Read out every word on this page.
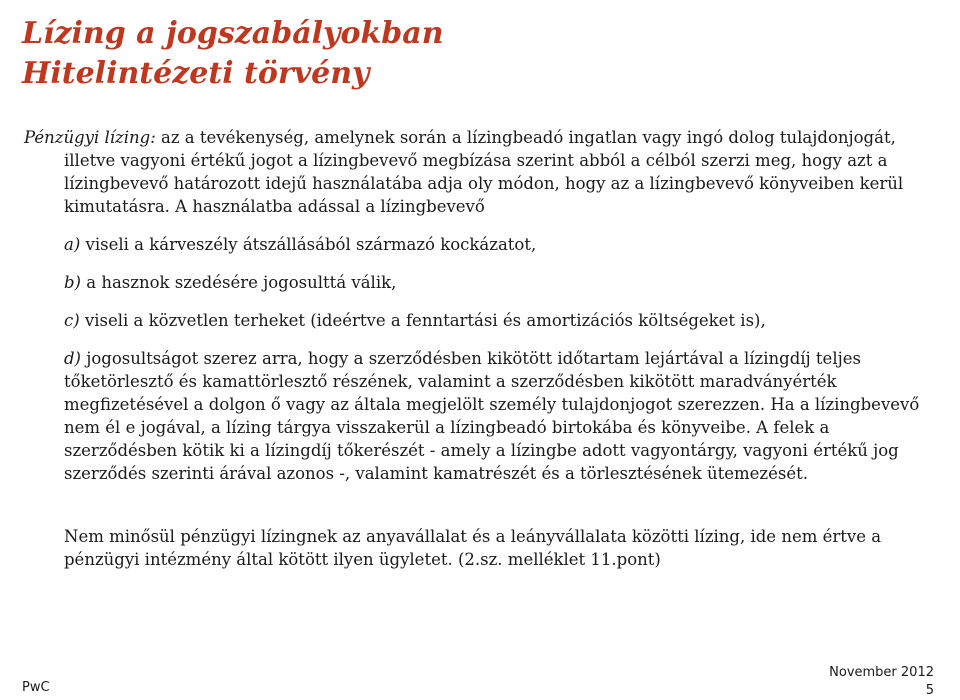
Lízing a jogszabályokban
Hitelintézeti törvény

Pénzügyi lízing: az a tevékenység, amelynek során a lízingbeadó ingatlan vagy ingó dolog tulajdonjogát, illetve vagyoni értékű jogot a lízingbevevő megbízása szerint abból a célból szerzi meg, hogy azt a lízingbevevő határozott idejű használatába adja oly módon, hogy az a lízingbevevő könyveiben kerül kimutatásra. A használatba adással a lízingbevevő

a) viseli a kárveszély átszállásából származó kockázatot,

b) a hasznok szedésére jogosulttá válik,

c) viseli a közvetlen terheket (ideértve a fenntartási és amortizációs költségeket is),

d) jogosultságot szerez arra, hogy a szerződésben kikötött időtartam lejártával a lízingdíj teljes tőketörlesztő és kamattörlesztő részének, valamint a szerződésben kikötött maradványérték megfizetésével a dolgon ő vagy az általa megjelölt személy tulajdonjogot szerezzen. Ha a lízingbevevő nem él e jogával, a lízing tárgya visszakerül a lízingbeadó birtokába és könyveibe. A felek a szerződésben kötik ki a lízingdíj tőkerészét - amely a lízingbe adott vagyontárgy, vagyoni értékű jog szerződés szerinti árával azonos -, valamint kamatrészét és a törlesztésének ütemezését.

Nem minősül pénzügyi lízingnek az anyavállalat és a leányvállalata közötti lízing, ide nem értve a pénzügyi intézmény által kötött ilyen ügyletet. (2.sz. melléklet 11.pont)

PwC
November 2012
5
